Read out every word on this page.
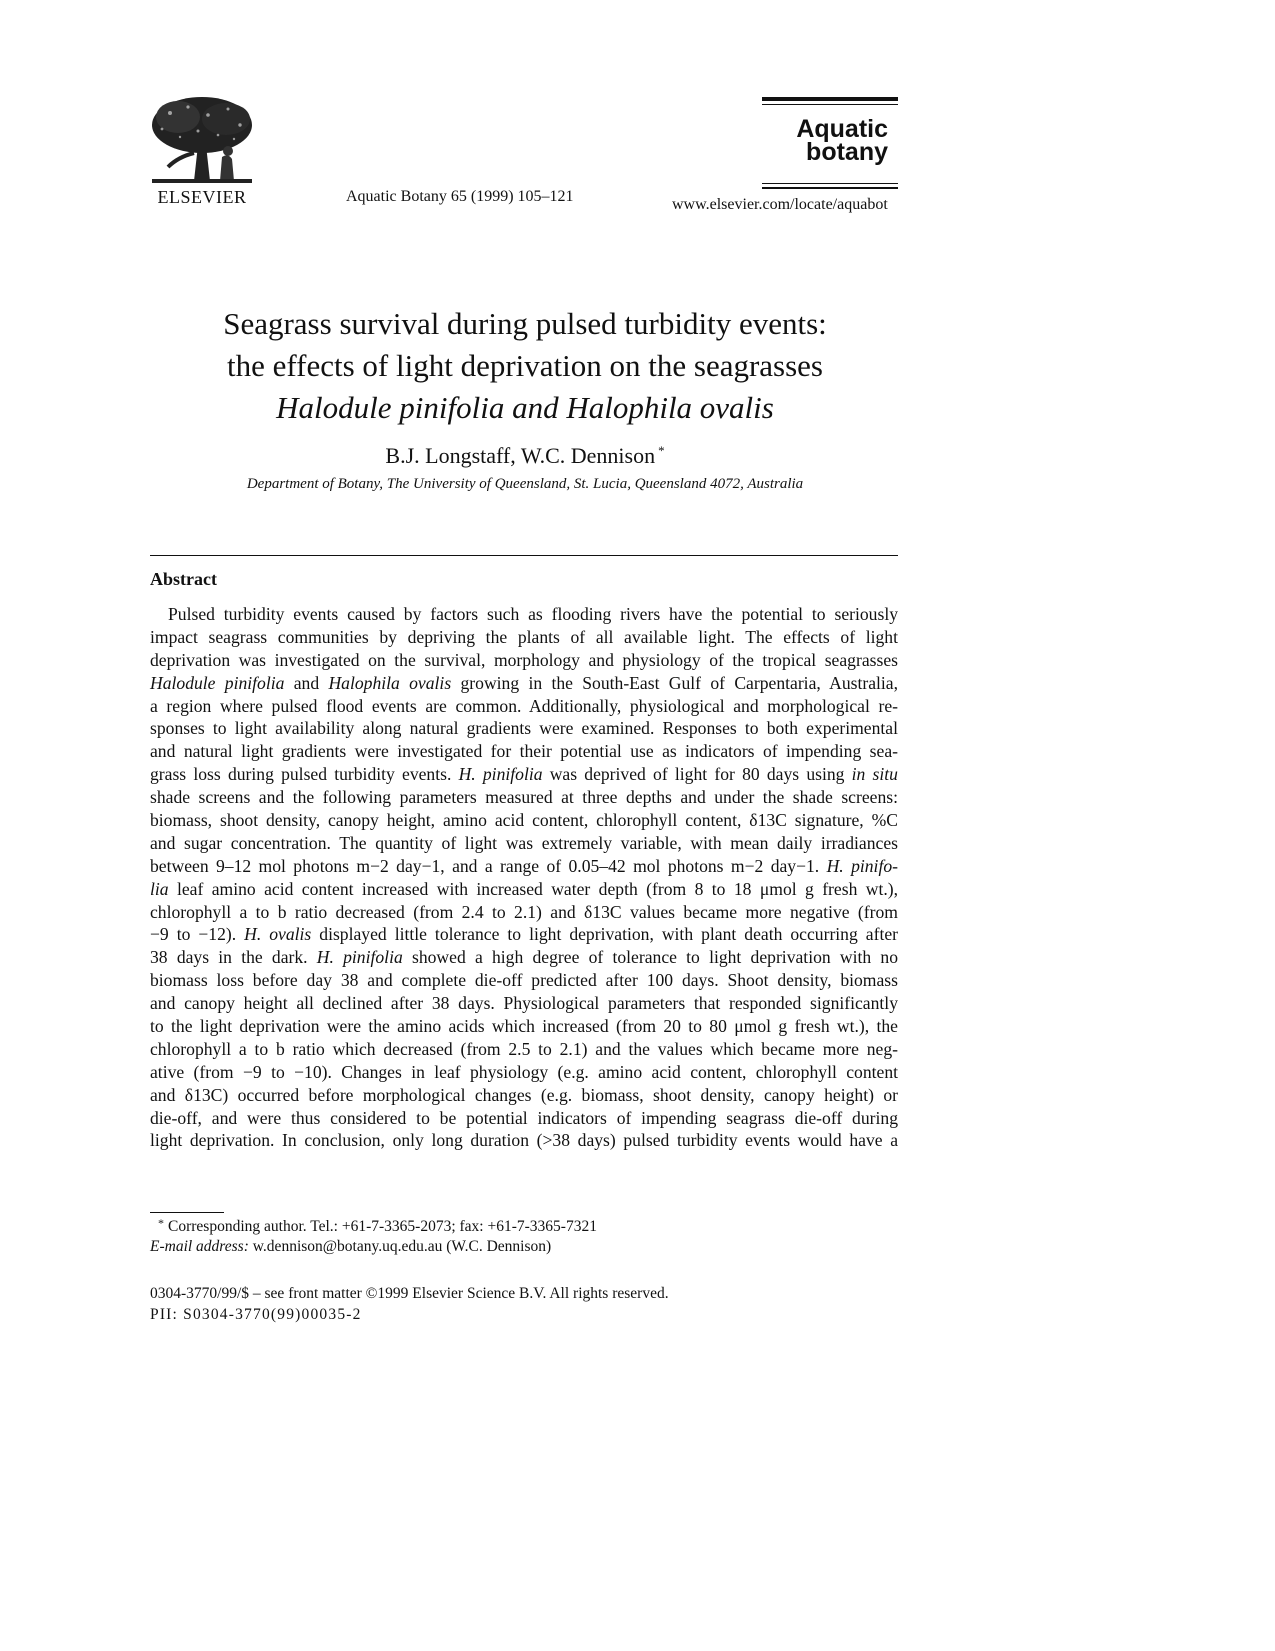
ELSEVIER	Aquatic Botany 65 (1999) 105–121
Aquatic
botany
www.elsevier.com/locate/aquabot
Seagrass survival during pulsed turbidity events:
the effects of light deprivation on the seagrasses
Halodule pinifolia and Halophila ovalis
B.J. Longstaff, W.C. Dennison *
Department of Botany, The University of Queensland, St. Lucia, Queensland 4072, Australia
Abstract
Pulsed turbidity events caused by factors such as flooding rivers have the potential to seriously
impact seagrass communities by depriving the plants of all available light. The effects of light
deprivation was investigated on the survival, morphology and physiology of the tropical seagrasses
Halodule pinifolia and Halophila ovalis growing in the South-East Gulf of Carpentaria, Australia,
a region where pulsed flood events are common. Additionally, physiological and morphological re-
sponses to light availability along natural gradients were examined. Responses to both experimental
and natural light gradients were investigated for their potential use as indicators of impending sea-
grass loss during pulsed turbidity events. H. pinifolia was deprived of light for 80 days using in situ
shade screens and the following parameters measured at three depths and under the shade screens:
biomass, shoot density, canopy height, amino acid content, chlorophyll content, δ13C signature, %C
and sugar concentration. The quantity of light was extremely variable, with mean daily irradiances
between 9–12 mol photons m−2 day−1, and a range of 0.05–42 mol photons m−2 day−1. H. pinifo-
lia leaf amino acid content increased with increased water depth (from 8 to 18 μmol g fresh wt.),
chlorophyll a to b ratio decreased (from 2.4 to 2.1) and δ13C values became more negative (from
−9 to −12). H. ovalis displayed little tolerance to light deprivation, with plant death occurring after
38 days in the dark. H. pinifolia showed a high degree of tolerance to light deprivation with no
biomass loss before day 38 and complete die-off predicted after 100 days. Shoot density, biomass
and canopy height all declined after 38 days. Physiological parameters that responded significantly
to the light deprivation were the amino acids which increased (from 20 to 80 μmol g fresh wt.), the
chlorophyll a to b ratio which decreased (from 2.5 to 2.1) and the values which became more neg-
ative (from −9 to −10). Changes in leaf physiology (e.g. amino acid content, chlorophyll content
and δ13C) occurred before morphological changes (e.g. biomass, shoot density, canopy height) or
die-off, and were thus considered to be potential indicators of impending seagrass die-off during
light deprivation. In conclusion, only long duration (>38 days) pulsed turbidity events would have a
* Corresponding author. Tel.: +61-7-3365-2073; fax: +61-7-3365-7321
E-mail address: w.dennison@botany.uq.edu.au (W.C. Dennison)
0304-3770/99/$ – see front matter ©1999 Elsevier Science B.V. All rights reserved.
PII: S0304-3770(99)00035-2
